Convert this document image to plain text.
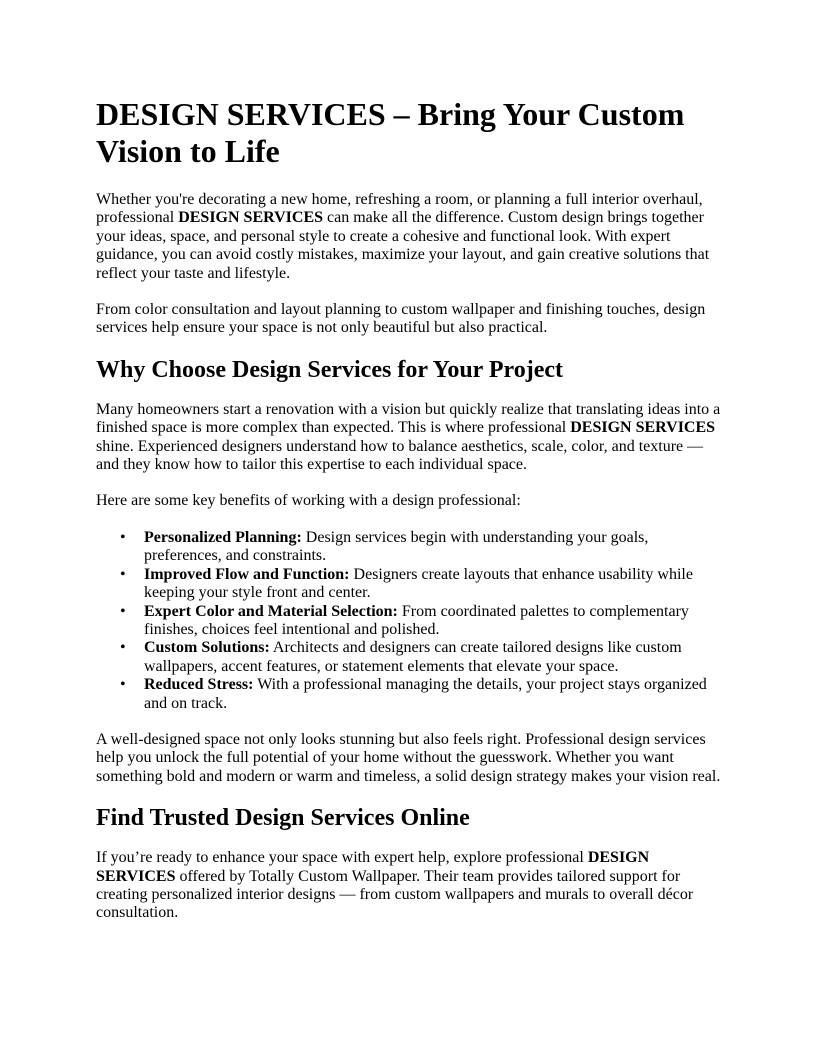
DESIGN SERVICES – Bring Your Custom Vision to Life

Whether you're decorating a new home, refreshing a room, or planning a full interior overhaul, professional DESIGN SERVICES can make all the difference. Custom design brings together your ideas, space, and personal style to create a cohesive and functional look. With expert guidance, you can avoid costly mistakes, maximize your layout, and gain creative solutions that reflect your taste and lifestyle.

From color consultation and layout planning to custom wallpaper and finishing touches, design services help ensure your space is not only beautiful but also practical.

Why Choose Design Services for Your Project

Many homeowners start a renovation with a vision but quickly realize that translating ideas into a finished space is more complex than expected. This is where professional DESIGN SERVICES shine. Experienced designers understand how to balance aesthetics, scale, color, and texture — and they know how to tailor this expertise to each individual space.

Here are some key benefits of working with a design professional:

• Personalized Planning: Design services begin with understanding your goals, preferences, and constraints.
• Improved Flow and Function: Designers create layouts that enhance usability while keeping your style front and center.
• Expert Color and Material Selection: From coordinated palettes to complementary finishes, choices feel intentional and polished.
• Custom Solutions: Architects and designers can create tailored designs like custom wallpapers, accent features, or statement elements that elevate your space.
• Reduced Stress: With a professional managing the details, your project stays organized and on track.

A well-designed space not only looks stunning but also feels right. Professional design services help you unlock the full potential of your home without the guesswork. Whether you want something bold and modern or warm and timeless, a solid design strategy makes your vision real.

Find Trusted Design Services Online

If you’re ready to enhance your space with expert help, explore professional DESIGN SERVICES offered by Totally Custom Wallpaper. Their team provides tailored support for creating personalized interior designs — from custom wallpapers and murals to overall décor consultation.
